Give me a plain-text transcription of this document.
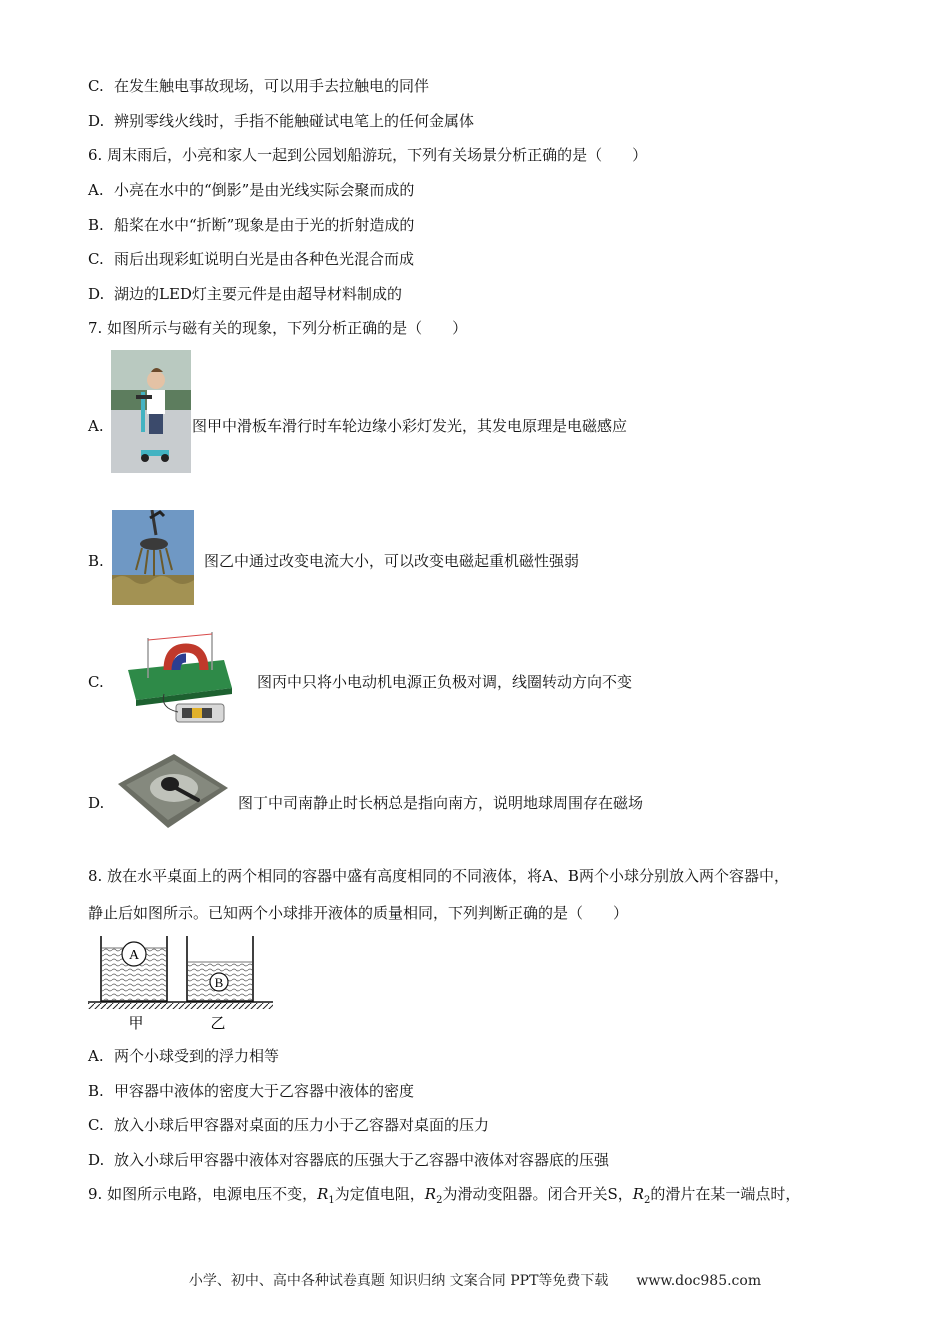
C. 在发生触电事故现场，可以用手去拉触电的同伴
D. 辨别零线火线时，手指不能触碰试电笔上的任何金属体
6. 周末雨后，小亮和家人一起到公园划船游玩，下列有关场景分析正确的是（　　）
A. 小亮在水中的“倒影”是由光线实际会聚而成的
B. 船桨在水中“折断”现象是由于光的折射造成的
C. 雨后出现彩虹说明白光是由各种色光混合而成
D. 湖边的LED灯主要元件是由超导材料制成的
7. 如图所示与磁有关的现象，下列分析正确的是（　　）
A.	图甲中滑板车滑行时车轮边缘小彩灯发光，其发电原理是电磁感应
B.	图乙中通过改变电流大小，可以改变电磁起重机磁性强弱
C.	图丙中只将小电动机电源正负极对调，线圈转动方向不变
D.	图丁中司南静止时长柄总是指向南方，说明地球周围存在磁场
8. 放在水平桌面上的两个相同的容器中盛有高度相同的不同液体，将A、B两个小球分别放入两个容器中，
静止后如图所示。已知两个小球排开液体的质量相同，下列判断正确的是（　　）
A
B
甲	乙
A. 两个小球受到的浮力相等
B. 甲容器中液体的密度大于乙容器中液体的密度
C. 放入小球后甲容器对桌面的压力小于乙容器对桌面的压力
D. 放入小球后甲容器中液体对容器底的压强大于乙容器中液体对容器底的压强
9. 如图所示电路，电源电压不变，$R_1$为定值电阻，$R_2$为滑动变阻器。闭合开关S，$R_2$的滑片在某一端点时，
小学、初中、高中各种试卷真题 知识归纳 文案合同 PPT等免费下载　　www.doc985.com
